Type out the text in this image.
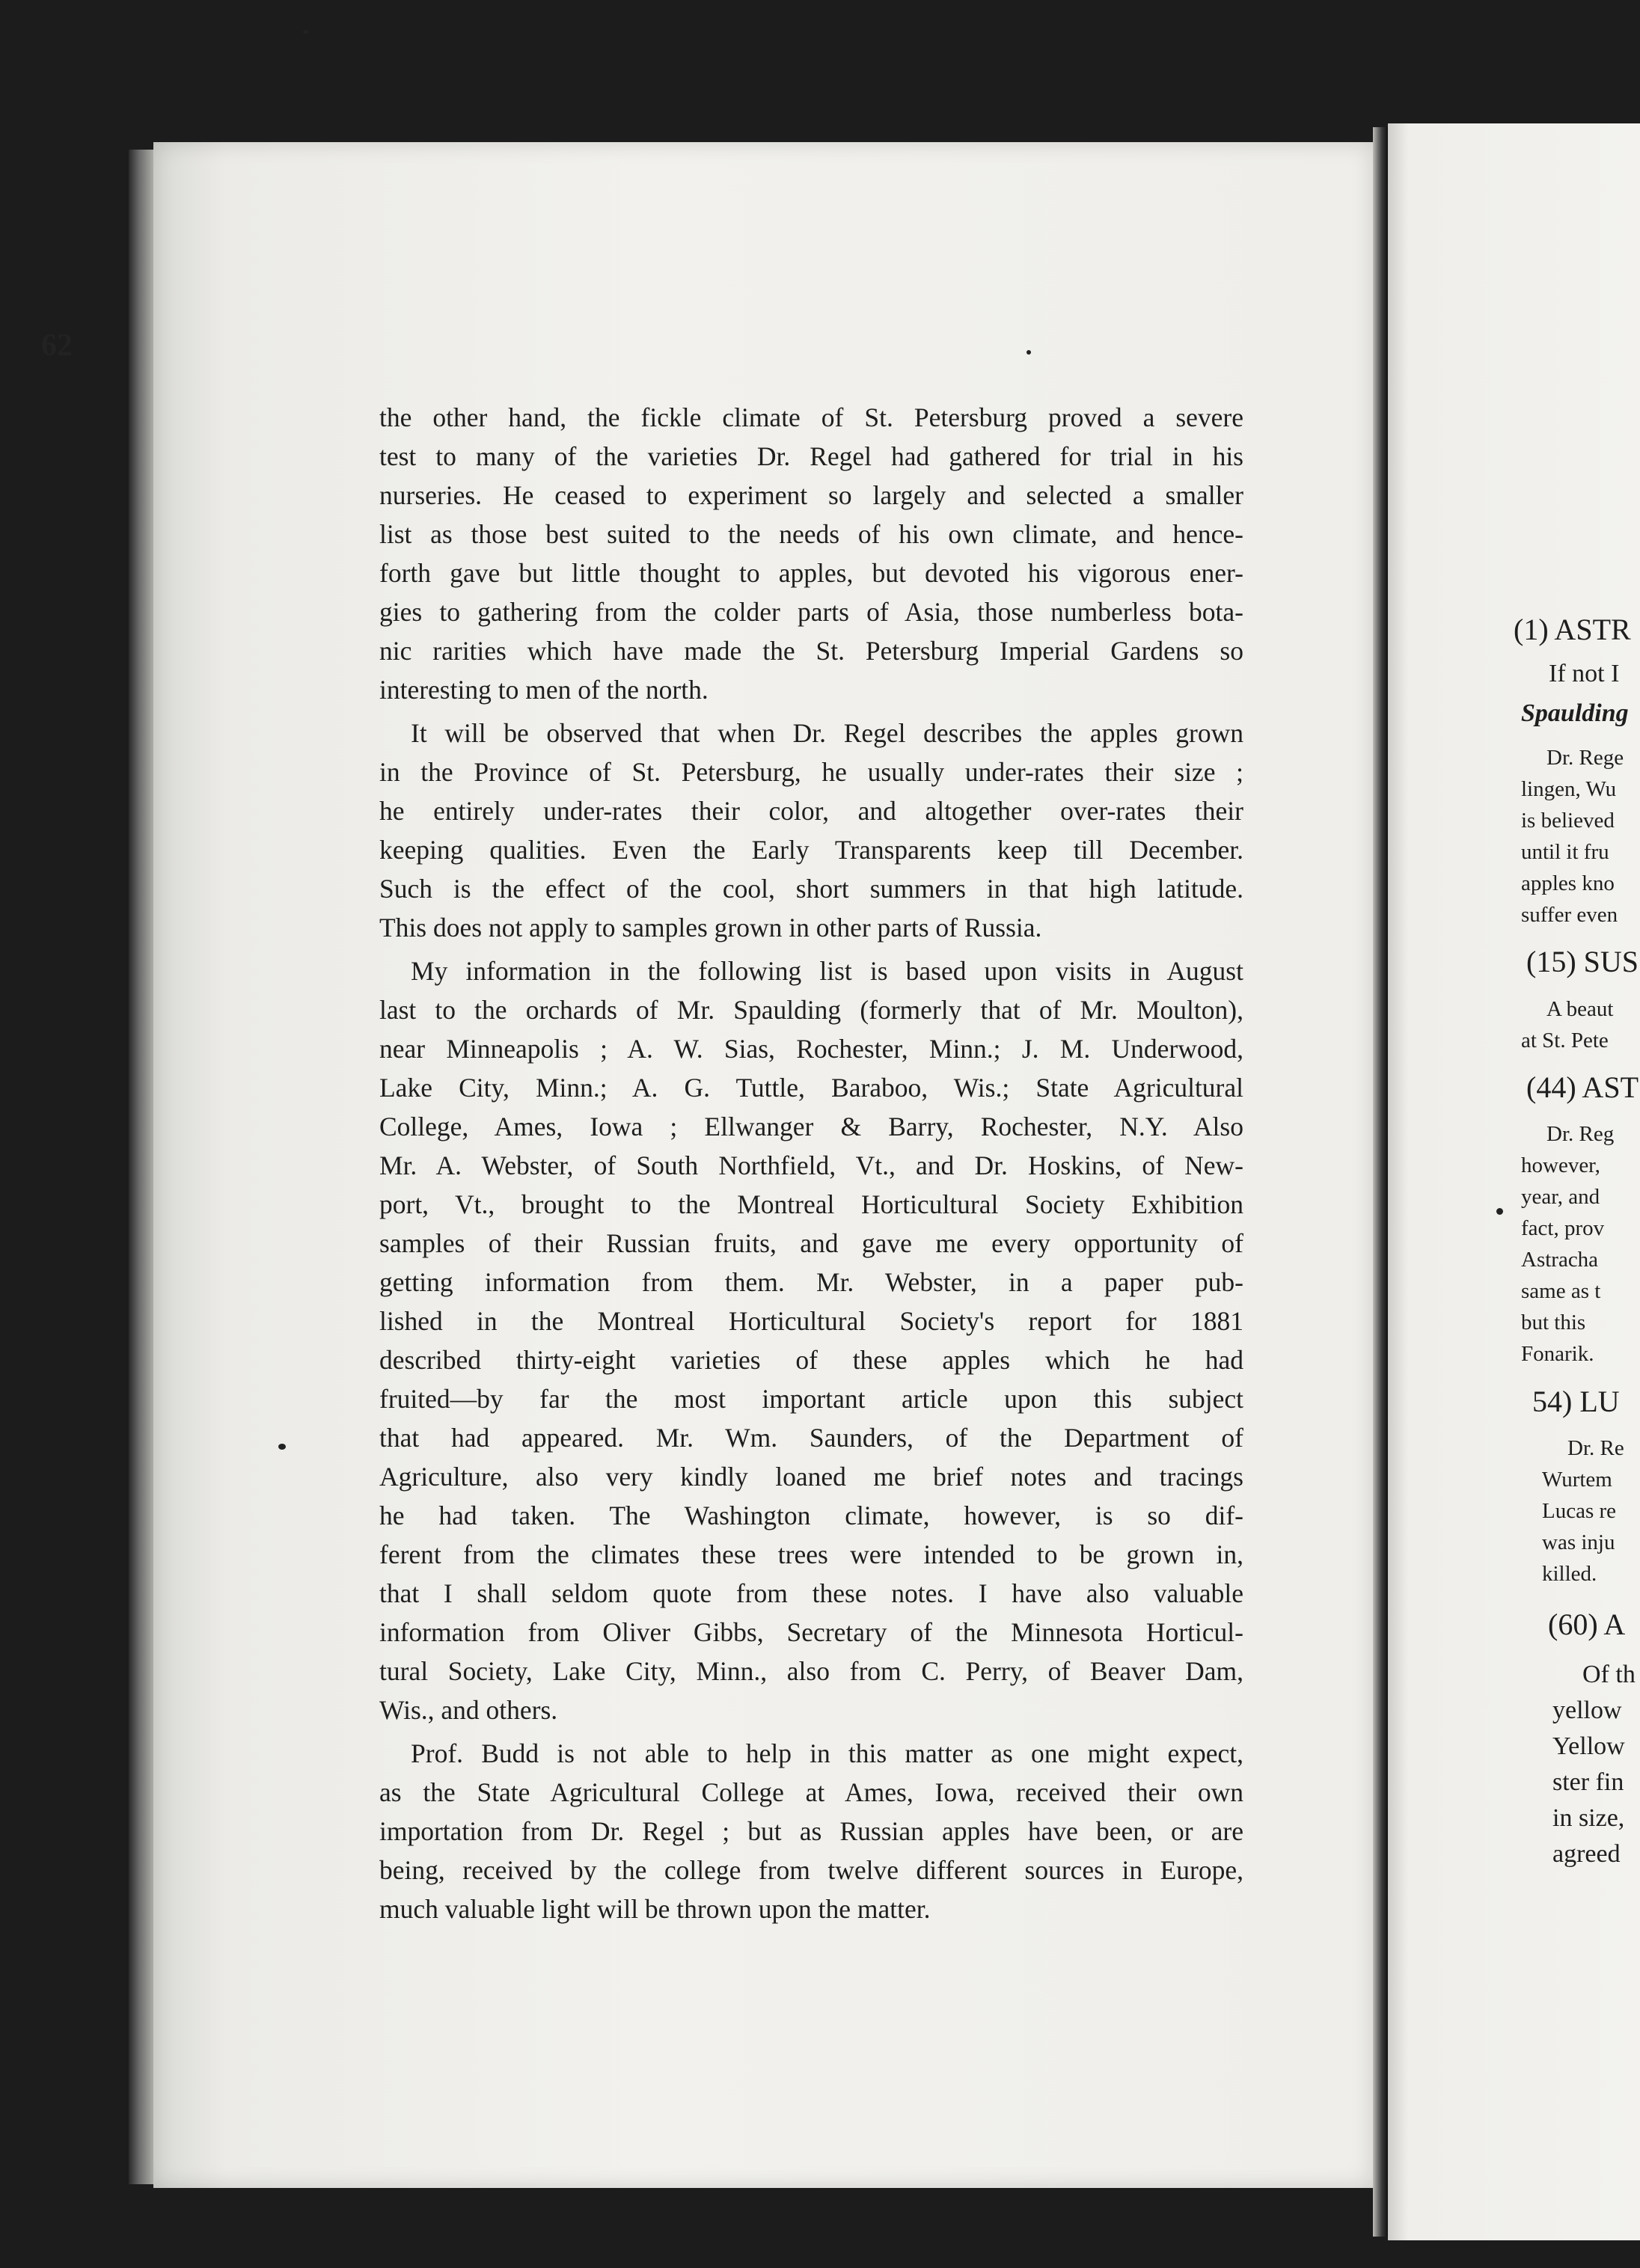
62
the other hand, the fickle climate of St. Petersburg proved a severe
test to many of the varieties Dr. Regel had gathered for trial in his
nurseries. He ceased to experiment so largely and selected a smaller
list as those best suited to the needs of his own climate, and hence-
forth gave but little thought to apples, but devoted his vigorous ener-
gies to gathering from the colder parts of Asia, those numberless bota-
nic rarities which have made the St. Petersburg Imperial Gardens so
interesting to men of the north.
It will be observed that when Dr. Regel describes the apples grown
in the Province of St. Petersburg, he usually under-rates their size ;
he entirely under-rates their color, and altogether over-rates their
keeping qualities. Even the Early Transparents keep till December.
Such is the effect of the cool, short summers in that high latitude.
This does not apply to samples grown in other parts of Russia.
My information in the following list is based upon visits in August
last to the orchards of Mr. Spaulding (formerly that of Mr. Moulton),
near Minneapolis ; A. W. Sias, Rochester, Minn.; J. M. Underwood,
Lake City, Minn.; A. G. Tuttle, Baraboo, Wis.; State Agricultural
College, Ames, Iowa ; Ellwanger & Barry, Rochester, N.Y. Also
Mr. A. Webster, of South Northfield, Vt., and Dr. Hoskins, of New-
port, Vt., brought to the Montreal Horticultural Society Exhibition
samples of their Russian fruits, and gave me every opportunity of
getting information from them. Mr. Webster, in a paper pub-
lished in the Montreal Horticultural Society's report for 1881
described thirty-eight varieties of these apples which he had
fruited—by far the most important article upon this subject
that had appeared. Mr. Wm. Saunders, of the Department of
Agriculture, also very kindly loaned me brief notes and tracings
he had taken. The Washington climate, however, is so dif-
ferent from the climates these trees were intended to be grown in,
that I shall seldom quote from these notes. I have also valuable
information from Oliver Gibbs, Secretary of the Minnesota Horticul-
tural Society, Lake City, Minn., also from C. Perry, of Beaver Dam,
Wis., and others.
Prof. Budd is not able to help in this matter as one might expect,
as the State Agricultural College at Ames, Iowa, received their own
importation from Dr. Regel ; but as Russian apples have been, or are
being, received by the college from twelve different sources in Europe,
much valuable light will be thrown upon the matter.
(1) ASTR
If not I
Spaulding
Dr. Rege
lingen, Wu
is believed
until it fru
apples kno
suffer even
(15) SUS
A beaut
at St. Pete
(44) AST
Dr. Reg
however,
year, and
fact, prov
Astracha
same as t
but this
Fonarik.
54) LU
Dr. Re
Wurtem
Lucas re
was inju
killed.
(60) A
Of th
yellow
Yellow
ster fin
in size,
agreed
